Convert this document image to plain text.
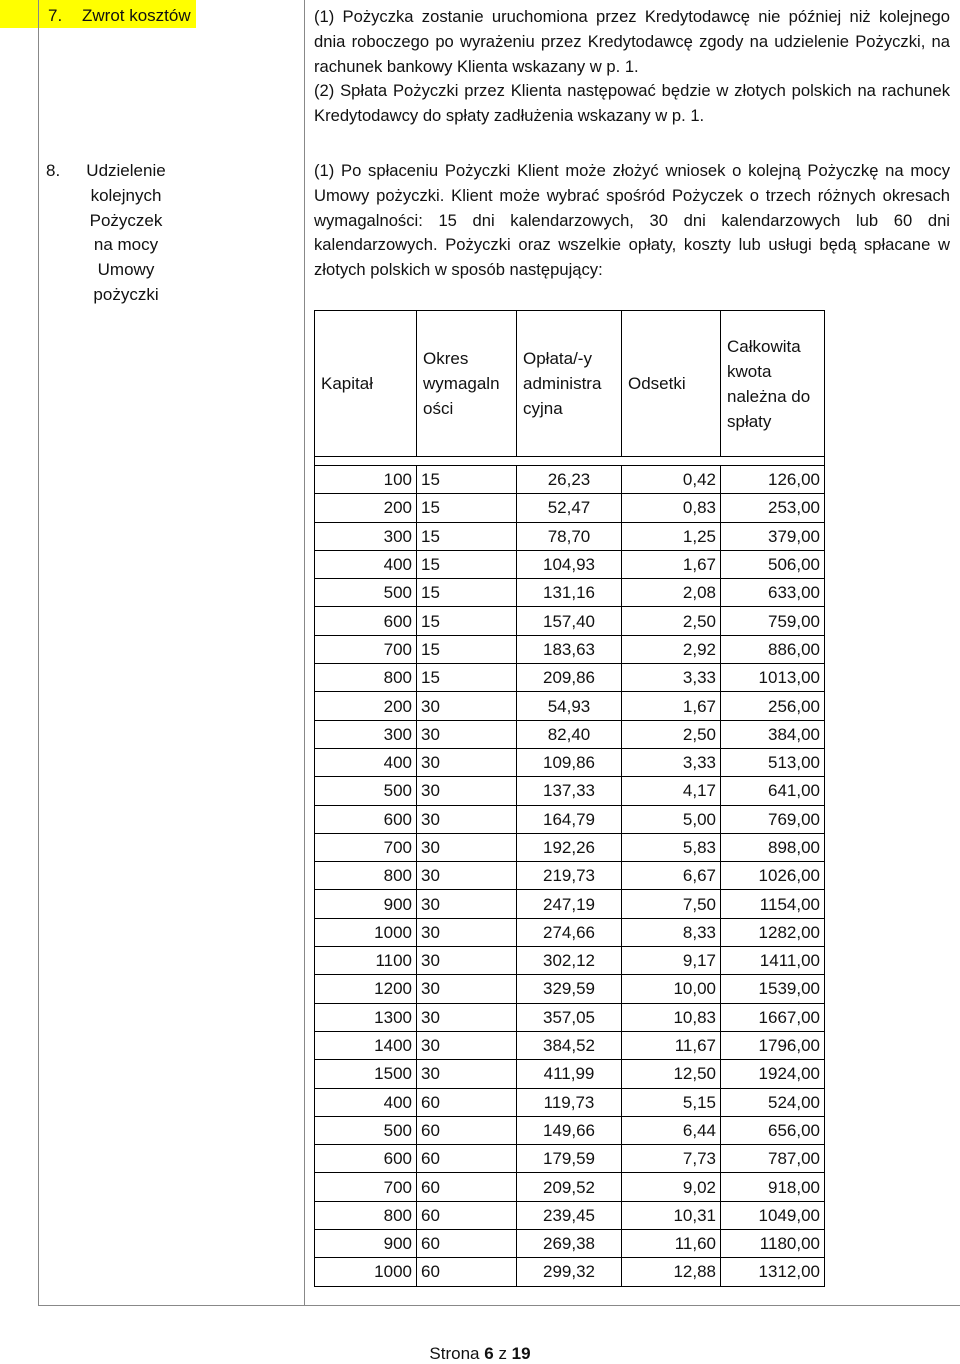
7. Zwrot kosztów	(1) Pożyczka zostanie uruchomiona przez Kredytodawcę nie później niż kolejnego dnia roboczego po wyrażeniu przez Kredytodawcę zgody na udzielenie Pożyczki, na rachunek bankowy Klienta wskazany w p. 1.

(2) Spłata Pożyczki przez Klienta następować będzie w złotych polskich na rachunek Kredytodawcy do spłaty zadłużenia wskazany w p. 1.

8.	Udzielenie
kolejnych
Pożyczek
na mocy
Umowy
pożyczki

(1) Po spłaceniu Pożyczki Klient może złożyć wniosek o kolejną Pożyczkę na mocy Umowy pożyczki. Klient może wybrać spośród Pożyczek o trzech różnych okresach wymagalności: 15 dni kalendarzowych, 30 dni kalendarzowych lub 60 dni kalendarzowych. Pożyczki oraz wszelkie opłaty, koszty lub usługi będą spłacane w złotych polskich w sposób następujący:

Kapitał	Okres wymagaln ości	Opłata/-y administra cyjna	Odsetki	Całkowita kwota należna do spłaty

100	15	26,23	0,42	126,00
200	15	52,47	0,83	253,00
300	15	78,70	1,25	379,00
400	15	104,93	1,67	506,00
500	15	131,16	2,08	633,00
600	15	157,40	2,50	759,00
700	15	183,63	2,92	886,00
800	15	209,86	3,33	1013,00
200	30	54,93	1,67	256,00
300	30	82,40	2,50	384,00
400	30	109,86	3,33	513,00
500	30	137,33	4,17	641,00
600	30	164,79	5,00	769,00
700	30	192,26	5,83	898,00
800	30	219,73	6,67	1026,00
900	30	247,19	7,50	1154,00
1000	30	274,66	8,33	1282,00
1100	30	302,12	9,17	1411,00
1200	30	329,59	10,00	1539,00
1300	30	357,05	10,83	1667,00
1400	30	384,52	11,67	1796,00
1500	30	411,99	12,50	1924,00
400	60	119,73	5,15	524,00
500	60	149,66	6,44	656,00
600	60	179,59	7,73	787,00
700	60	209,52	9,02	918,00
800	60	239,45	10,31	1049,00
900	60	269,38	11,60	1180,00
1000	60	299,32	12,88	1312,00
Strona 6 z 19
